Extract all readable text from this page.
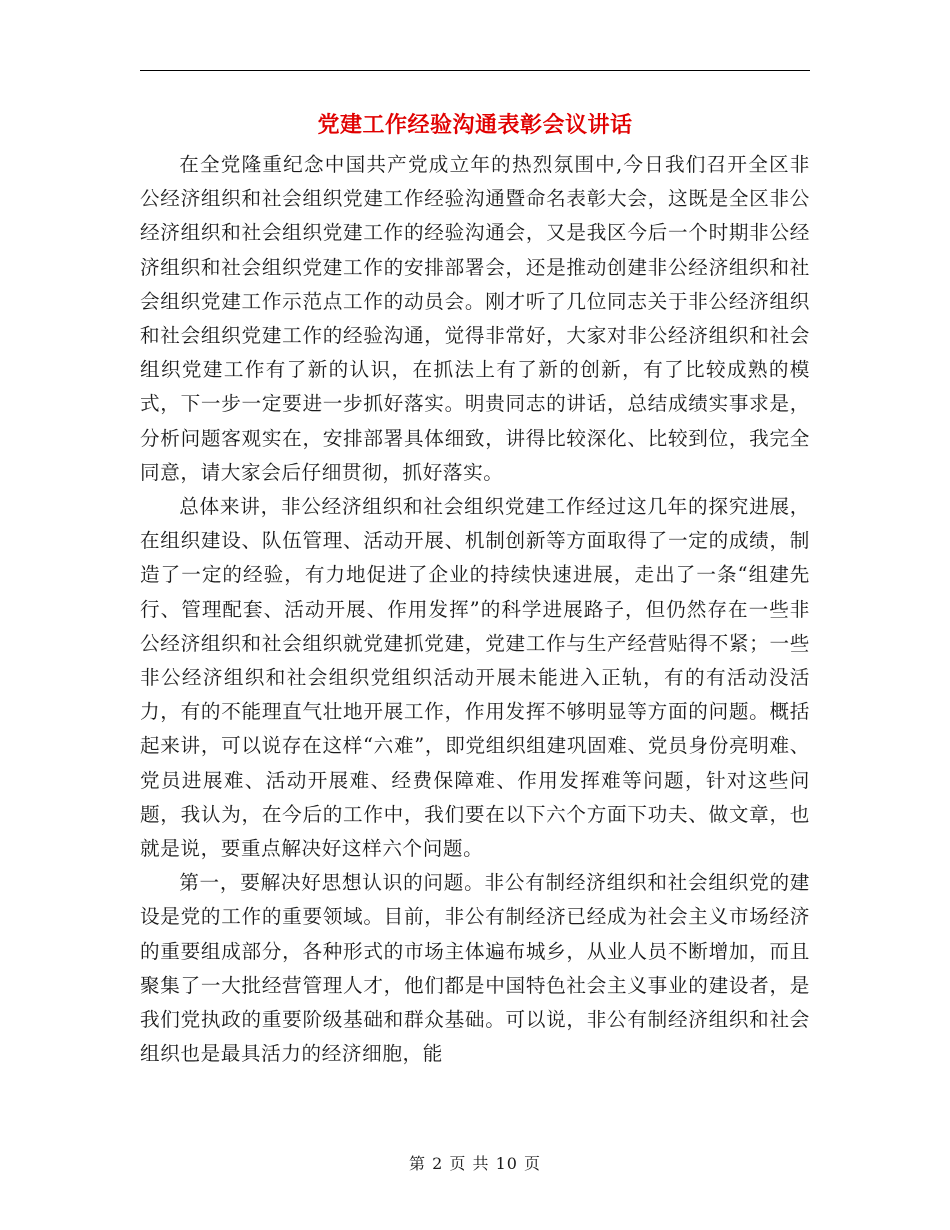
党建工作经验沟通表彰会议讲话

在全党隆重纪念中国共产党成立年的热烈氛围中,今日我们召开全区非公经济组织和社会组织党建工作经验沟通暨命名表彰大会，这既是全区非公经济组织和社会组织党建工作的经验沟通会，又是我区今后一个时期非公经济组织和社会组织党建工作的安排部署会，还是推动创建非公经济组织和社会组织党建工作示范点工作的动员会。刚才听了几位同志关于非公经济组织和社会组织党建工作的经验沟通，觉得非常好，大家对非公经济组织和社会组织党建工作有了新的认识，在抓法上有了新的创新，有了比较成熟的模式，下一步一定要进一步抓好落实。明贵同志的讲话，总结成绩实事求是，分析问题客观实在，安排部署具体细致，讲得比较深化、比较到位，我完全同意，请大家会后仔细贯彻，抓好落实。

总体来讲，非公经济组织和社会组织党建工作经过这几年的探究进展，在组织建设、队伍管理、活动开展、机制创新等方面取得了一定的成绩，制造了一定的经验，有力地促进了企业的持续快速进展，走出了一条“组建先行、管理配套、活动开展、作用发挥”的科学进展路子，但仍然存在一些非公经济组织和社会组织就党建抓党建，党建工作与生产经营贴得不紧；一些非公经济组织和社会组织党组织活动开展未能进入正轨，有的有活动没活力，有的不能理直气壮地开展工作，作用发挥不够明显等方面的问题。概括起来讲，可以说存在这样“六难”，即党组织组建巩固难、党员身份亮明难、党员进展难、活动开展难、经费保障难、作用发挥难等问题，针对这些问题，我认为，在今后的工作中，我们要在以下六个方面下功夫、做文章，也就是说，要重点解决好这样六个问题。

第一，要解决好思想认识的问题。非公有制经济组织和社会组织党的建设是党的工作的重要领域。目前，非公有制经济已经成为社会主义市场经济的重要组成部分，各种形式的市场主体遍布城乡，从业人员不断增加，而且聚集了一大批经营管理人才，他们都是中国特色社会主义事业的建设者，是我们党执政的重要阶级基础和群众基础。可以说，非公有制经济组织和社会组织也是最具活力的经济细胞，能

第 2 页 共 10 页
